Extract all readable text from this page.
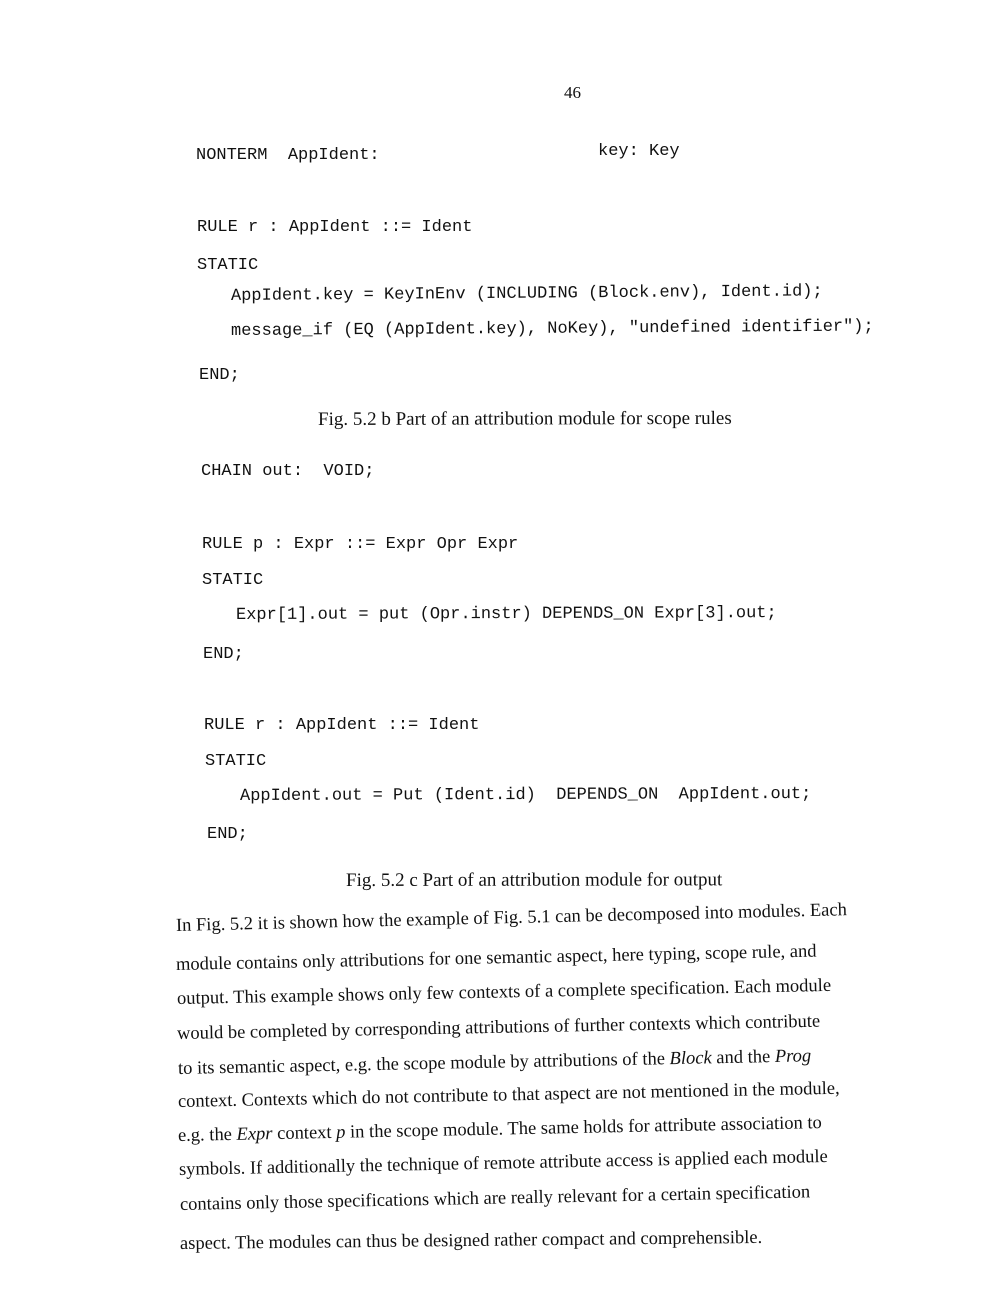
46
NONTERM  AppIdent:	key: Key
RULE r : AppIdent ::= Ident
STATIC
AppIdent.key = KeyInEnv (INCLUDING (Block.env), Ident.id);
message_if (EQ (AppIdent.key), NoKey), "undefined identifier");
END;
Fig. 5.2 b Part of an attribution module for scope rules
CHAIN out:  VOID;
RULE p : Expr ::= Expr Opr Expr
STATIC
Expr[1].out = put (Opr.instr) DEPENDS_ON Expr[3].out;
END;
RULE r : AppIdent ::= Ident
STATIC
AppIdent.out = Put (Ident.id)  DEPENDS_ON  AppIdent.out;
END;
Fig. 5.2 c Part of an attribution module for output
In Fig. 5.2 it is shown how the example of Fig. 5.1 can be decomposed into modules. Each
module contains only attributions for one semantic aspect, here typing, scope rule, and
output. This example shows only few contexts of a complete specification. Each module
would be completed by corresponding attributions of further contexts which contribute
to its semantic aspect, e.g. the scope module by attributions of the Block and the Prog
context. Contexts which do not contribute to that aspect are not mentioned in the module,
e.g. the Expr context p in the scope module. The same holds for attribute association to
symbols. If additionally the technique of remote attribute access is applied each module
contains only those specifications which are really relevant for a certain specification
aspect. The modules can thus be designed rather compact and comprehensible.
